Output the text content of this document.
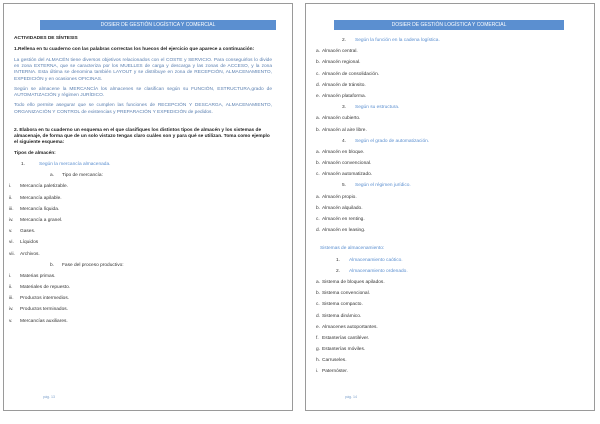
DOSIER DE GESTIÓN LOGÍSTICA Y COMERCIAL
ACTIVIDADES DE SÍNTESIS
1.Rellena en tu cuaderno con las palabras correctas los huecos del ejercicio que aparece a continuación:

La gestión del ALMACÉN tiene diversos objetivos relacionados con el COSTE y SERVICIO. Para conseguirlos lo divide en zona EXTERNA, que se caracteriza por los MUELLES de carga y descarga y las zonas de ACCESO, y la zona INTERNA. Esta última se denomina también LAYOUT y se distribuye en zona de RECEPCIÓN, ALMACENAMIENTO, EXPEDICIÓN y en ocasiones OFICINAS.

Según se almacene la MERCANCÍA los almacenes se clasifican según su FUNCIÓN, ESTRUCTURA,grado de AUTOMATIZACIÓN y régimen JURÍDICO.

Todo ello permite asegurar que se cumplen las funciones de RECEPCIÓN Y DESCARGA, ALMACENAMIENTO, ORGANIZACIÓN Y CONTROL de existencias y PREPARACIÓN Y EXPEDICIÓN de pedidos.

2. Elabora en tu cuaderno un esquema en el que clasifiques los distintos tipos de almacén y los sistemas de almacenaje, de forma que de un solo vistazo tengas claro cuáles son y para qué se utilizan. Toma como ejemplo el siguiente esquema:
Tipos de almacén:
1.	Según la mercancía almacenada.
a. Tipo de mercancía:
i. Mercancía paletizable.
ii. Mercancía apilable.
iii. Mercancía líquida.
iv. Mercancía a granel.
v. Gases.
vi. Líquidos
vii. Archivos.
b. Fase del proceso productivo:
i. Materias primas.
ii. Materiales de repuesto.
iii. Productos intermedios.
iv. Productos terminados.
v. Mercancías auxiliares.
pág. 13
DOSIER DE GESTIÓN LOGÍSTICA Y COMERCIAL
2. Según la función en la cadena logística.
a. Almacén central.
b. Almacén regional.
c. Almacén de consolidación.
d. Almacén de tránsito.
e. Almacén plataforma.
3. Según su estructura.
a. Almacén cubierto.
b. Almacén al aire libre.
4. Según el grado de automatización.
a. Almacén en bloque.
b. Almacén convencional.
c. Almacén automatizado.
5. Según el régimen jurídico.
a. Almacén propio.
b. Almacén alquilado.
c. Almacén en renting.
d. Almacén en leasing.
Sistemas de almacenamiento:
1. Almacenamiento caótico.
2. Almacenamiento ordenado.
a. Sistema de bloques apilados.
b. Sistema convencional.
c. Sistema compacto.
d. Sistema dinámico.
e. Almacenes autoportantes.
f. Estanterías cantiléver.
g. Estanterías móviles.
h. Carruseles.
i. Paternóster.
pág. 14
